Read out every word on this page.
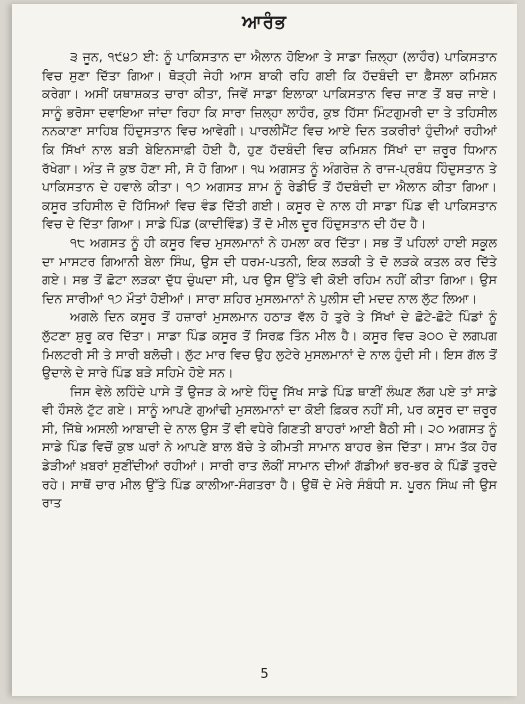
ਆਰੰਭ

੩ ਜੂਨ, ੧੯੪੭ ਈ: ਨੂੰ ਪਾਕਿਸਤਾਨ ਦਾ ਐਲਾਨ ਹੋਇਆ ਤੇ ਸਾਡਾ ਜ਼ਿਲ੍ਹਾ (ਲਾਹੌਰ) ਪਾਕਿਸਤਾਨ ਵਿਚ ਸੁਣਾ ਦਿੱਤਾ ਗਿਆ। ਥੋੜ੍ਹੀ ਜੇਹੀ ਆਸ ਬਾਕੀ ਰਹਿ ਗਈ ਕਿ ਹੱਦਬੰਦੀ ਦਾ ਫ਼ੈਸਲਾ ਕਮਿਸ਼ਨ ਕਰੇਗਾ। ਅਸੀਂ ਯਥਾਸ਼ਕਤ ਚਾਰਾ ਕੀਤਾ, ਜਿਵੇਂ ਸਾਡਾ ਇਲਾਕਾ ਪਾਕਿਸਤਾਨ ਵਿਚ ਜਾਣ ਤੋਂ ਬਚ ਜਾਏ। ਸਾਨੂੰ ਭਰੋਸਾ ਦਵਾਇਆ ਜਾਂਦਾ ਰਿਹਾ ਕਿ ਸਾਰਾ ਜ਼ਿਲ੍ਹਾ ਲਾਹੌਰ, ਕੁਝ ਹਿੱਸਾ ਮਿੰਟਗੁਮਰੀ ਦਾ ਤੇ ਤਹਿਸੀਲ ਨਨਕਾਣਾ ਸਾਹਿਬ ਹਿੰਦੁਸਤਾਨ ਵਿਚ ਆਵੇਗੀ। ਪਾਰਲੀਮੈਂਟ ਵਿਚ ਆਏ ਦਿਨ ਤਕਰੀਰਾਂ ਹੁੰਦੀਆਂ ਰਹੀਆਂ ਕਿ ਸਿੱਖਾਂ ਨਾਲ ਬੜੀ ਬੇਇਨਸਾਫ਼ੀ ਹੋਈ ਹੈ, ਹੁਣ ਹੱਦਬੰਦੀ ਵਿਚ ਕਮਿਸ਼ਨ ਸਿੱਖਾਂ ਦਾ ਜ਼ਰੂਰ ਧਿਆਨ ਰੱਖੇਗਾ। ਅੰਤ ਜੋ ਕੁਝ ਹੋਣਾ ਸੀ, ਸੋ ਹੋ ਗਿਆ। ੧੫ ਅਗਸਤ ਨੂੰ ਅੰਗਰੇਜ਼ ਨੇ ਰਾਜ-ਪ੍ਰਬੰਧ ਹਿੰਦੁਸਤਾਨ ਤੇ ਪਾਕਿਸਤਾਨ ਦੇ ਹਵਾਲੇ ਕੀਤਾ। ੧੭ ਅਗਸਤ ਸ਼ਾਮ ਨੂੰ ਰੇਡੀਓ ਤੋਂ ਹੱਦਬੰਦੀ ਦਾ ਐਲਾਨ ਕੀਤਾ ਗਿਆ। ਕਸੂਰ ਤਹਿਸੀਲ ਦੋ ਹਿੱਸਿਆਂ ਵਿਚ ਵੰਡ ਦਿੱਤੀ ਗਈ। ਕਸੂਰ ਦੇ ਨਾਲ ਹੀ ਸਾਡਾ ਪਿੰਡ ਵੀ ਪਾਕਿਸਤਾਨ ਵਿਚ ਦੇ ਦਿੱਤਾ ਗਿਆ। ਸਾਡੇ ਪਿੰਡ (ਕਾਦੀਵਿੰਡ) ਤੋਂ ਦੋ ਮੀਲ ਦੂਰ ਹਿੰਦੁਸਤਾਨ ਦੀ ਹੱਦ ਹੈ।

੧੮ ਅਗਸਤ ਨੂੰ ਹੀ ਕਸੂਰ ਵਿਚ ਮੁਸਲਮਾਨਾਂ ਨੇ ਹਮਲਾ ਕਰ ਦਿੱਤਾ। ਸਭ ਤੋਂ ਪਹਿਲਾਂ ਹਾਈ ਸਕੂਲ ਦਾ ਮਾਸਟਰ ਗਿਆਨੀ ਬੇਲਾ ਸਿੰਘ, ਉਸ ਦੀ ਧਰਮ-ਪਤਨੀ, ਇਕ ਲੜਕੀ ਤੇ ਦੋ ਲੜਕੇ ਕਤਲ ਕਰ ਦਿੱਤੇ ਗਏ। ਸਭ ਤੋਂ ਛੋਟਾ ਲੜਕਾ ਦੁੱਧ ਚੁੰਘਦਾ ਸੀ, ਪਰ ਉਸ ਉੱਤੇ ਵੀ ਕੋਈ ਰਹਿਮ ਨਹੀਂ ਕੀਤਾ ਗਿਆ। ਉਸ ਦਿਨ ਸਾਰੀਆਂ ੧੭ ਮੌਤਾਂ ਹੋਈਆਂ। ਸਾਰਾ ਸ਼ਹਿਰ ਮੁਸਲਮਾਨਾਂ ਨੇ ਪੁਲੀਸ ਦੀ ਮਦਦ ਨਾਲ ਲੁੱਟ ਲਿਆ।

ਅਗਲੇ ਦਿਨ ਕਸੂਰ ਤੋਂ ਹਜ਼ਾਰਾਂ ਮੁਸਲਮਾਨ ਹਠਾੜ ਵੱਲ ਹੋ ਤੁਰੇ ਤੇ ਸਿੱਖਾਂ ਦੇ ਛੋਟੇ-ਛੋਟੇ ਪਿੰਡਾਂ ਨੂੰ ਲੁੱਟਣਾ ਸ਼ੁਰੂ ਕਰ ਦਿੱਤਾ। ਸਾਡਾ ਪਿੰਡ ਕਸੂਰ ਤੋਂ ਸਿਰਫ਼ ਤਿੰਨ ਮੀਲ ਹੈ। ਕਸੂਰ ਵਿਚ ੩੦੦ ਦੇ ਲਗਪਗ ਮਿਲਟਰੀ ਸੀ ਤੇ ਸਾਰੀ ਬਲੋਚੀ। ਲੁੱਟ ਮਾਰ ਵਿਚ ਉਹ ਲੁਟੇਰੇ ਮੁਸਲਮਾਨਾਂ ਦੇ ਨਾਲ ਹੁੰਦੀ ਸੀ। ਇਸ ਗੱਲ ਤੋਂ ਉਦਾਲੇ ਦੇ ਸਾਰੇ ਪਿੰਡ ਬੜੇ ਸਹਿਮੇ ਹੋਏ ਸਨ।

ਜਿਸ ਵੇਲੇ ਲਹਿੰਦੇ ਪਾਸੇ ਤੋਂ ਉਜੜ ਕੇ ਆਏ ਹਿੰਦੂ ਸਿੱਖ ਸਾਡੇ ਪਿੰਡ ਥਾਣੀਂ ਲੰਘਣ ਲੱਗ ਪਏ ਤਾਂ ਸਾਡੇ ਵੀ ਹੌਸਲੇ ਟੁੱਟ ਗਏ। ਸਾਨੂੰ ਆਪਣੇ ਗੁਆਂਢੀ ਮੁਸਲਮਾਨਾਂ ਦਾ ਕੋਈ ਫ਼ਿਕਰ ਨਹੀਂ ਸੀ, ਪਰ ਕਸੂਰ ਦਾ ਜ਼ਰੂਰ ਸੀ, ਜਿੱਥੇ ਅਸਲੀ ਆਬਾਦੀ ਦੇ ਨਾਲ ਉਸ ਤੋਂ ਵੀ ਵਧੇਰੇ ਗਿਣਤੀ ਬਾਹਰਾਂ ਆਈ ਬੈਠੀ ਸੀ। ੨੦ ਅਗਸਤ ਨੂੰ ਸਾਡੇ ਪਿੰਡ ਵਿਚੋਂ ਕੁਝ ਘਰਾਂ ਨੇ ਆਪਣੇ ਬਾਲ ਬੱਚੇ ਤੇ ਕੀਮਤੀ ਸਾਮਾਨ ਬਾਹਰ ਭੇਜ ਦਿੱਤਾ। ਸ਼ਾਮ ਤੱਕ ਹੋਰ ਡੇੜੀਆਂ ਖ਼ਬਰਾਂ ਸੁਣੀਂਦੀਆਂ ਰਹੀਆਂ। ਸਾਰੀ ਰਾਤ ਲੋਕੀਂ ਸਾਮਾਨ ਦੀਆਂ ਗੱਡੀਆਂ ਭਰ-ਭਰ ਕੇ ਪਿੰਡੋਂ ਤੁਰਦੇ ਰਹੇ। ਸਾਥੋਂ ਚਾਰ ਮੀਲ ਉੱਤੇ ਪਿੰਡ ਕਾਲੀਆ-ਸੰਗਤਰਾ ਹੈ। ਉਥੋਂ ਦੇ ਮੇਰੇ ਸੰਬੰਧੀ ਸ. ਪੂਰਨ ਸਿੰਘ ਜੀ ਉਸ ਰਾਤ

5
